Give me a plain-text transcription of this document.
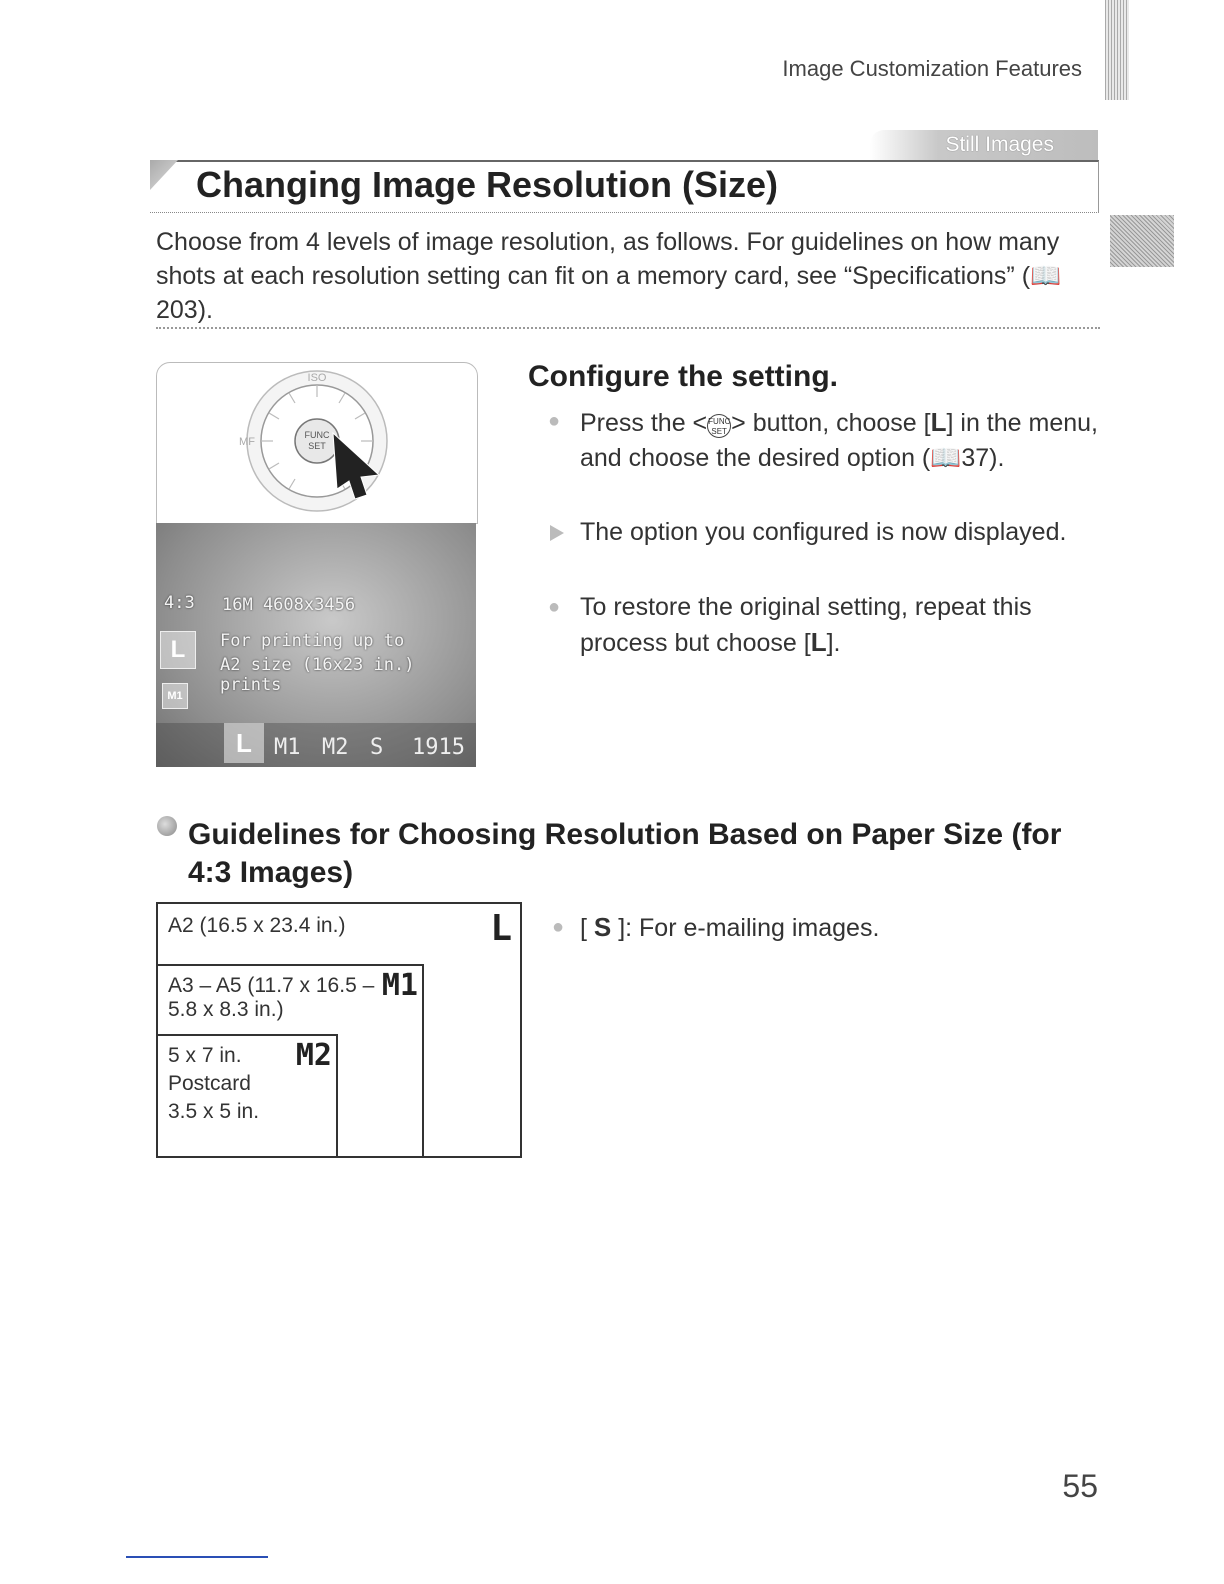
Image Customization Features
Still Images
Changing Image Resolution (Size)

Choose from 4 levels of image resolution, as follows. For guidelines on how many shots at each resolution setting can fit on a memory card, see “Specifications” (📖203).

FUNC
SET
ISO
MF
4:3 16M 4608x3456
L
M1
For printing up to
A2 size (16x23 in.) prints
L	M1 M2 S 1915
Configure the setting.
● Press the <FUNC
SET > button, choose [L] in the menu, and choose the desired option (📖37).

The option you configured is now displayed.

● To restore the original setting, repeat this process but choose [L].

Guidelines for Choosing Resolution Based on Paper Size (for 4:3 Images)
A2 (16.5 x 23.4 in.)	L
A3 – A5 (11.7 x 16.5 – 5.8 x 8.3 in.)
M1
5 x 7 in.
Postcard
3.5 x 5 in.
M2
● [ S ]: For e-mailing images.

55
